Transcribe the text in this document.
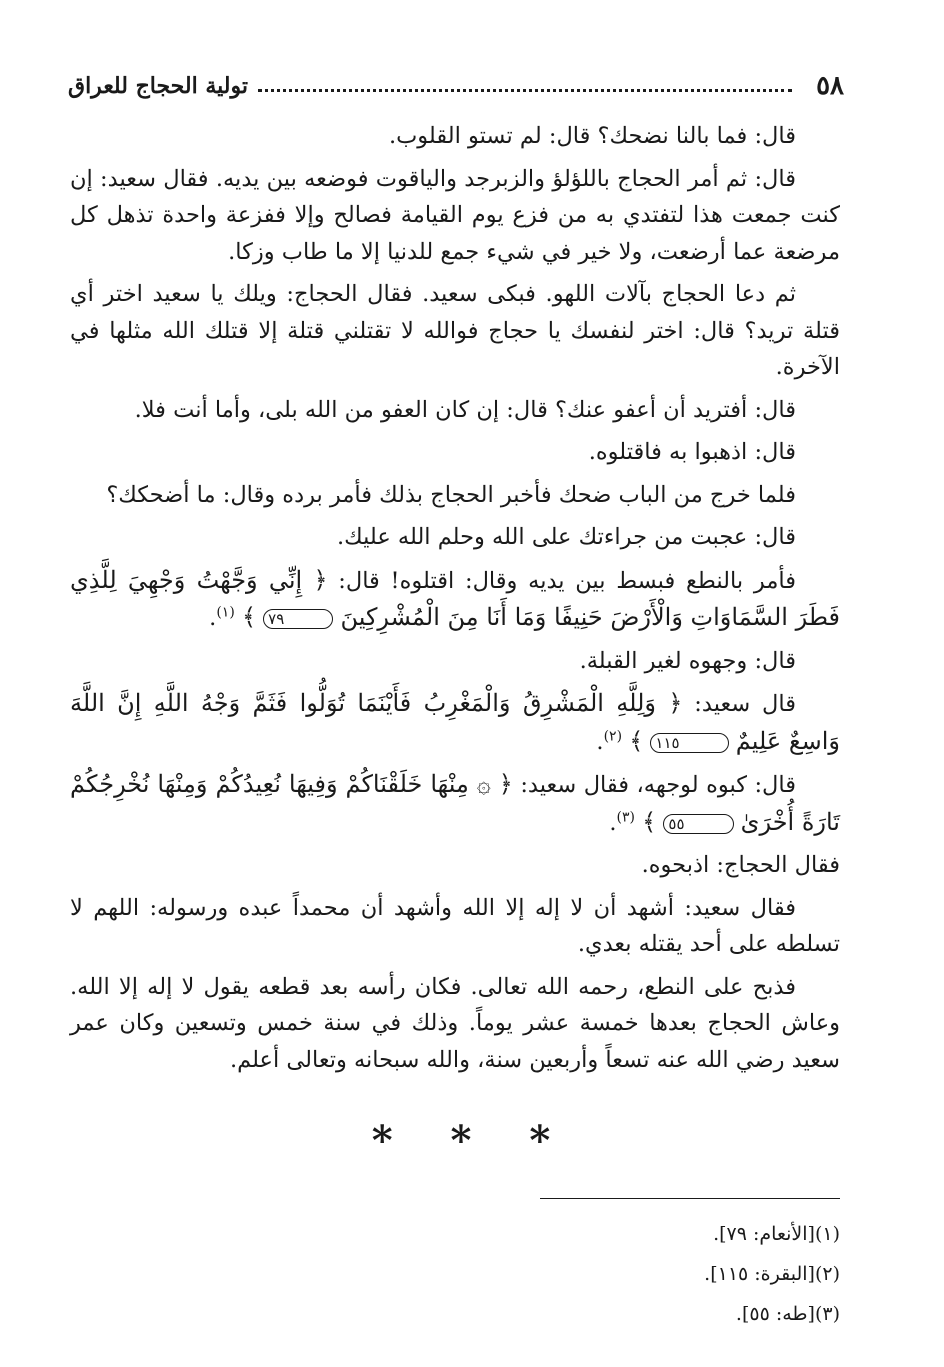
٥٨
تولية الحجاج للعراق

قال: فما بالنا نضحك؟ قال: لم تستو القلوب.

قال: ثم أمر الحجاج باللؤلؤ والزبرجد والياقوت فوضعه بين يديه. فقال سعيد: إن كنت جمعت هذا لتفتدي به من فزع يوم القيامة فصالح وإلا ففزعة واحدة تذهل كل مرضعة عما أرضعت، ولا خير في شيء جمع للدنيا إلا ما طاب وزكا.

ثم دعا الحجاج بآلات اللهو. فبكى سعيد. فقال الحجاج: ويلك يا سعيد اختر أي قتلة تريد؟ قال: اختر لنفسك يا حجاج فوالله لا تقتلني قتلة إلا قتلك الله مثلها في الآخرة.

قال: أفتريد أن أعفو عنك؟ قال: إن كان العفو من الله بلى، وأما أنت فلا.

قال: اذهبوا به فاقتلوه.

فلما خرج من الباب ضحك فأخبر الحجاج بذلك فأمر برده وقال: ما أضحكك؟

قال: عجبت من جراءتك على الله وحلم الله عليك.

فأمر بالنطع فبسط بين يديه وقال: اقتلوه! قال: ﴿ إِنِّي وَجَّهْتُ وَجْهِيَ لِلَّذِي فَطَرَ السَّمَاوَاتِ وَالْأَرْضَ حَنِيفًا وَمَا أَنَا مِنَ الْمُشْرِكِينَ ٧٩ ﴾ $^{(١)}$.

قال: وجهوه لغير القبلة.

قال سعيد: ﴿ وَلِلَّهِ الْمَشْرِقُ وَالْمَغْرِبُ فَأَيْنَمَا تُوَلُّوا فَثَمَّ وَجْهُ اللَّهِ إِنَّ اللَّهَ وَاسِعٌ عَلِيمٌ ١١٥ ﴾ $^{(٢)}$.

قال: كبوه لوجهه، فقال سعيد: ﴿ ۞ مِنْهَا خَلَقْنَاكُمْ وَفِيهَا نُعِيدُكُمْ وَمِنْهَا نُخْرِجُكُمْ تَارَةً أُخْرَىٰ ٥٥ ﴾ $^{(٣)}$.

فقال الحجاج: اذبحوه.

فقال سعيد: أشهد أن لا إله إلا الله وأشهد أن محمداً عبده ورسوله: اللهم لا تسلطه على أحد يقتله بعدي.

فذبح على النطع، رحمه الله تعالى. فكان رأسه بعد قطعه يقول لا إله إلا الله. وعاش الحجاج بعدها خمسة عشر يوماً. وذلك في سنة خمس وتسعين وكان عمر سعيد رضي الله عنه تسعاً وأربعين سنة، والله سبحانه وتعالى أعلم.

* * *
(١)[الأنعام: ٧٩].
(٢)[البقرة: ١١٥].
(٣)[طه: ٥٥].
